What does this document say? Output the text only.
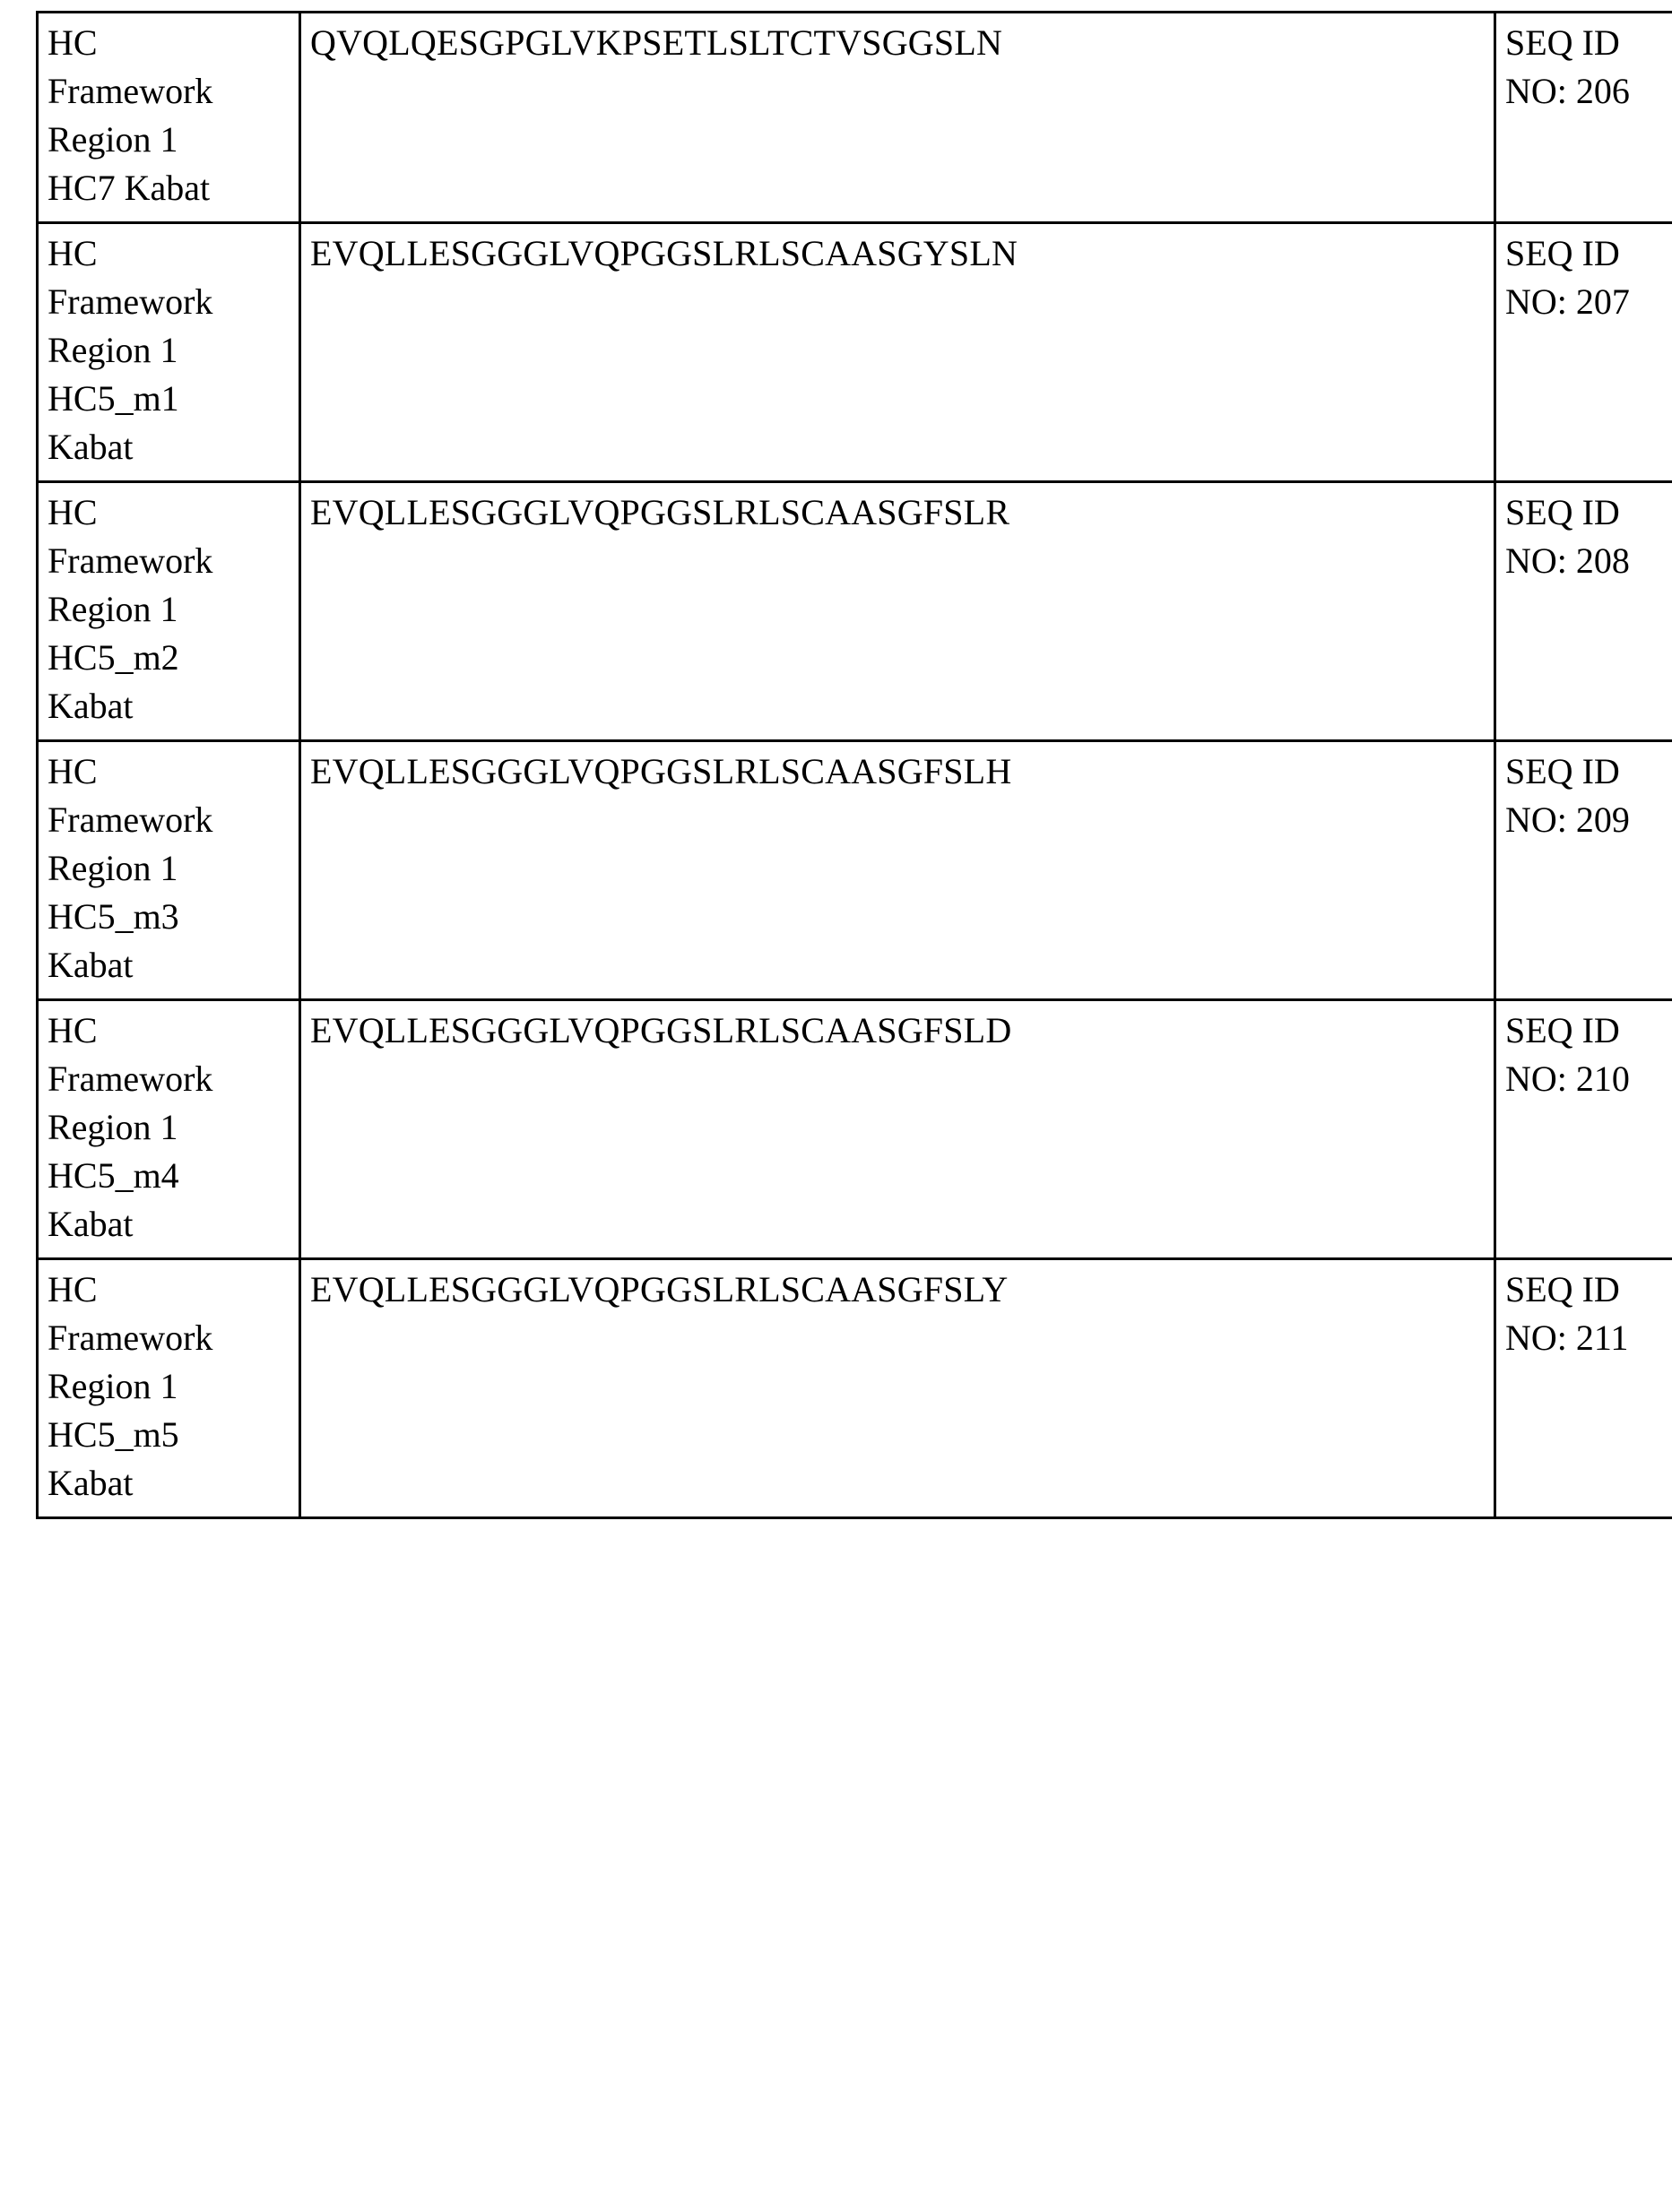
HC
Framework
Region 1
HC7 Kabat	QVQLQESGPGLVKPSETLSLTCTVSGGSLN	SEQ ID
NO: 206

HC
Framework
Region 1
HC5_m1
Kabat	EVQLLESGGGLVQPGGSLRLSCAASGYSLN	SEQ ID
NO: 207

HC
Framework
Region 1
HC5_m2
Kabat	EVQLLESGGGLVQPGGSLRLSCAASGFSLR	SEQ ID
NO: 208

HC
Framework
Region 1
HC5_m3
Kabat	EVQLLESGGGLVQPGGSLRLSCAASGFSLH	SEQ ID
NO: 209

HC
Framework
Region 1
HC5_m4
Kabat	EVQLLESGGGLVQPGGSLRLSCAASGFSLD	SEQ ID
NO: 210

HC
Framework
Region 1
HC5_m5
Kabat	EVQLLESGGGLVQPGGSLRLSCAASGFSLY	SEQ ID
NO: 211
